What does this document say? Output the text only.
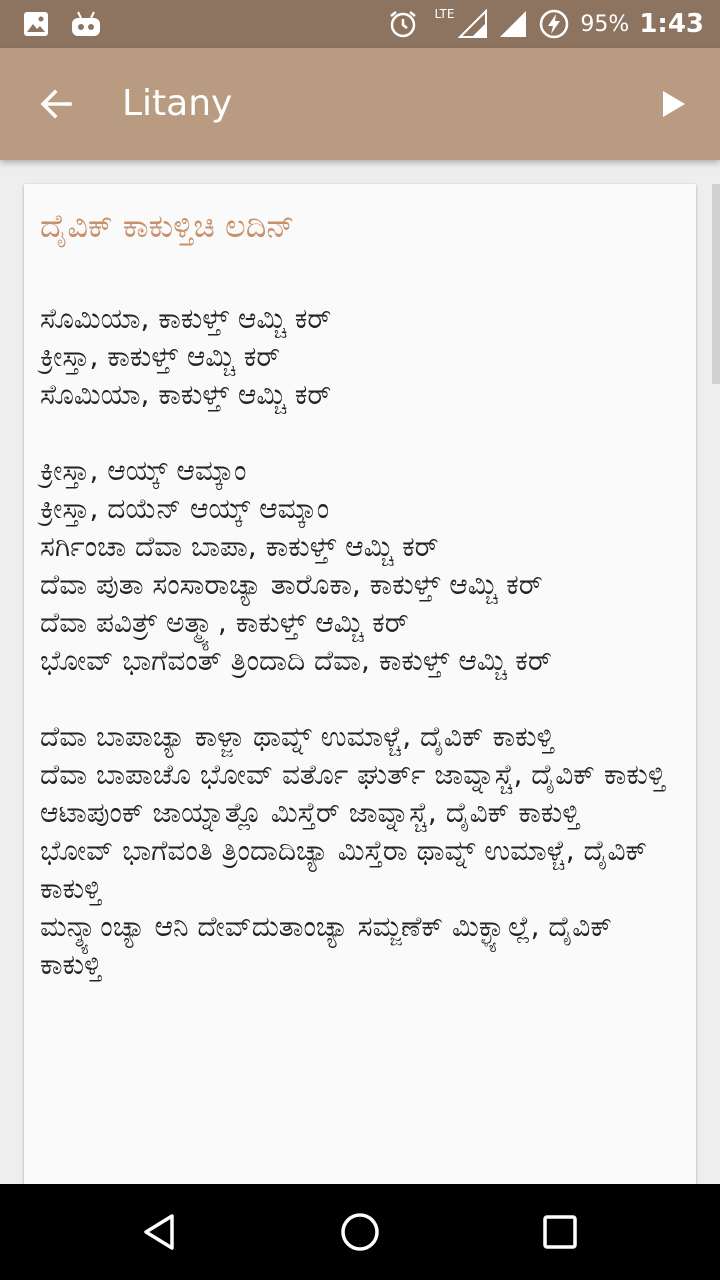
LTE	95% 1:43
Litany
ದೈವಿಕ್ ಕಾಕುಳ್ತಿಚಿ ಲದಿನ್
ಸೊಮಿಯಾ, ಕಾಕುಳ್ತ್ ಆಮ್ಚಿ ಕರ್
ಕ್ರೀಸ್ತಾ, ಕಾಕುಳ್ತ್ ಆಮ್ಚಿ ಕರ್
ಸೊಮಿಯಾ, ಕಾಕುಳ್ತ್ ಆಮ್ಚಿ ಕರ್

ಕ್ರೀಸ್ತಾ, ಆಯ್ಕ್ ಆಮ್ಕಾಂ
ಕ್ರೀಸ್ತಾ, ದಯೆನ್ ಆಯ್ಕ್ ಆಮ್ಕಾಂ
ಸರ್ಗಿಂಚಾ ದೆವಾ ಬಾಪಾ, ಕಾಕುಳ್ತ್ ಆಮ್ಚಿ ಕರ್
ದೆವಾ ಪುತಾ ಸಂಸಾರಾಚ್ಯಾ ತಾರೊಕಾ, ಕಾಕುಳ್ತ್ ಆಮ್ಚಿ ಕರ್
ದೆವಾ ಪವಿತ್ರ್ ಅತ್ಮ್ಯಾ, ಕಾಕುಳ್ತ್ ಆಮ್ಚಿ ಕರ್
ಭೋವ್ ಭಾಗೆವಂತ್ ತ್ರಿಂದಾದಿ ದೆವಾ, ಕಾಕುಳ್ತ್ ಆಮ್ಚಿ ಕರ್

ದೆವಾ ಬಾಪಾಚ್ಯಾ ಕಾಳ್ಜಾ ಥಾವ್ನ್ ಉಮಾಳ್ಚೆ, ದೈವಿಕ್ ಕಾಕುಳ್ತಿ
ದೆವಾ ಬಾಪಾಚೊ ಭೋವ್ ವರ್ತೊ ಘುರ್ತ್ ಜಾವ್ನಾಸ್ಚೆ, ದೈವಿಕ್ ಕಾಕುಳ್ತಿ
ಆಟಾಪುಂಕ್ ಜಾಯ್ನಾತ್ಲೊ ಮಿಸ್ತೆರ್ ಜಾವ್ನಾಸ್ಚೆ, ದೈವಿಕ್ ಕಾಕುಳ್ತಿ
ಭೋವ್ ಭಾಗೆವಂತಿ ತ್ರಿಂದಾದಿಚ್ಯಾ ಮಿಸ್ತೆರಾ ಥಾವ್ನ್ ಉಮಾಳ್ಚೆ, ದೈವಿಕ್ ಕಾಕುಳ್ತಿ
ಮನ್ಶ್ಯಾಂಚ್ಯಾ ಆನಿ ದೇವ್‌ದುತಾಂಚ್ಯಾ ಸಮ್ಜಣೆಕ್ ಮಿಕ್ಳ್ಯಾಲ್ಲೆ, ದೈವಿಕ್ ಕಾಕುಳ್ತಿ
